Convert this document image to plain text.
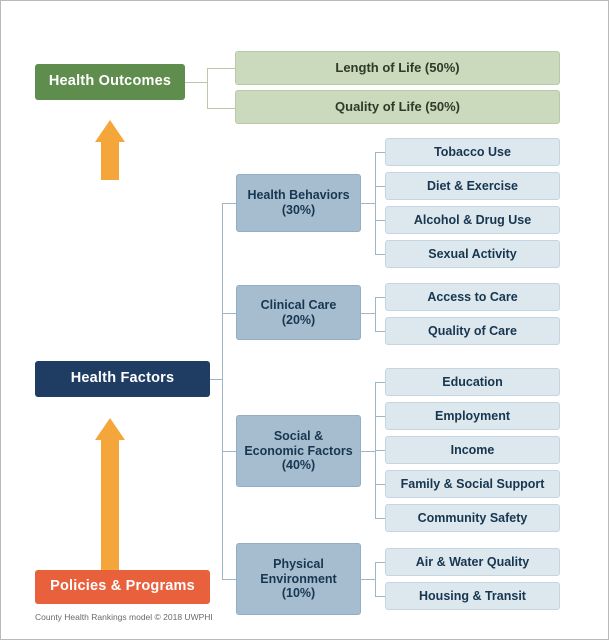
Health Outcomes
Health Factors
Policies & Programs
Length of Life (50%)
Quality of Life (50%)
Health Behaviors
(30%)
Tobacco Use
Diet & Exercise
Alcohol & Drug Use
Sexual Activity
Clinical Care
(20%)
Access to Care
Quality of Care
Social &
Economic Factors
(40%)
Education
Employment
Income
Family & Social Support
Community Safety
Physical
Environment
(10%)
Air & Water Quality
Housing & Transit
County Health Rankings model © 2018 UWPHI
